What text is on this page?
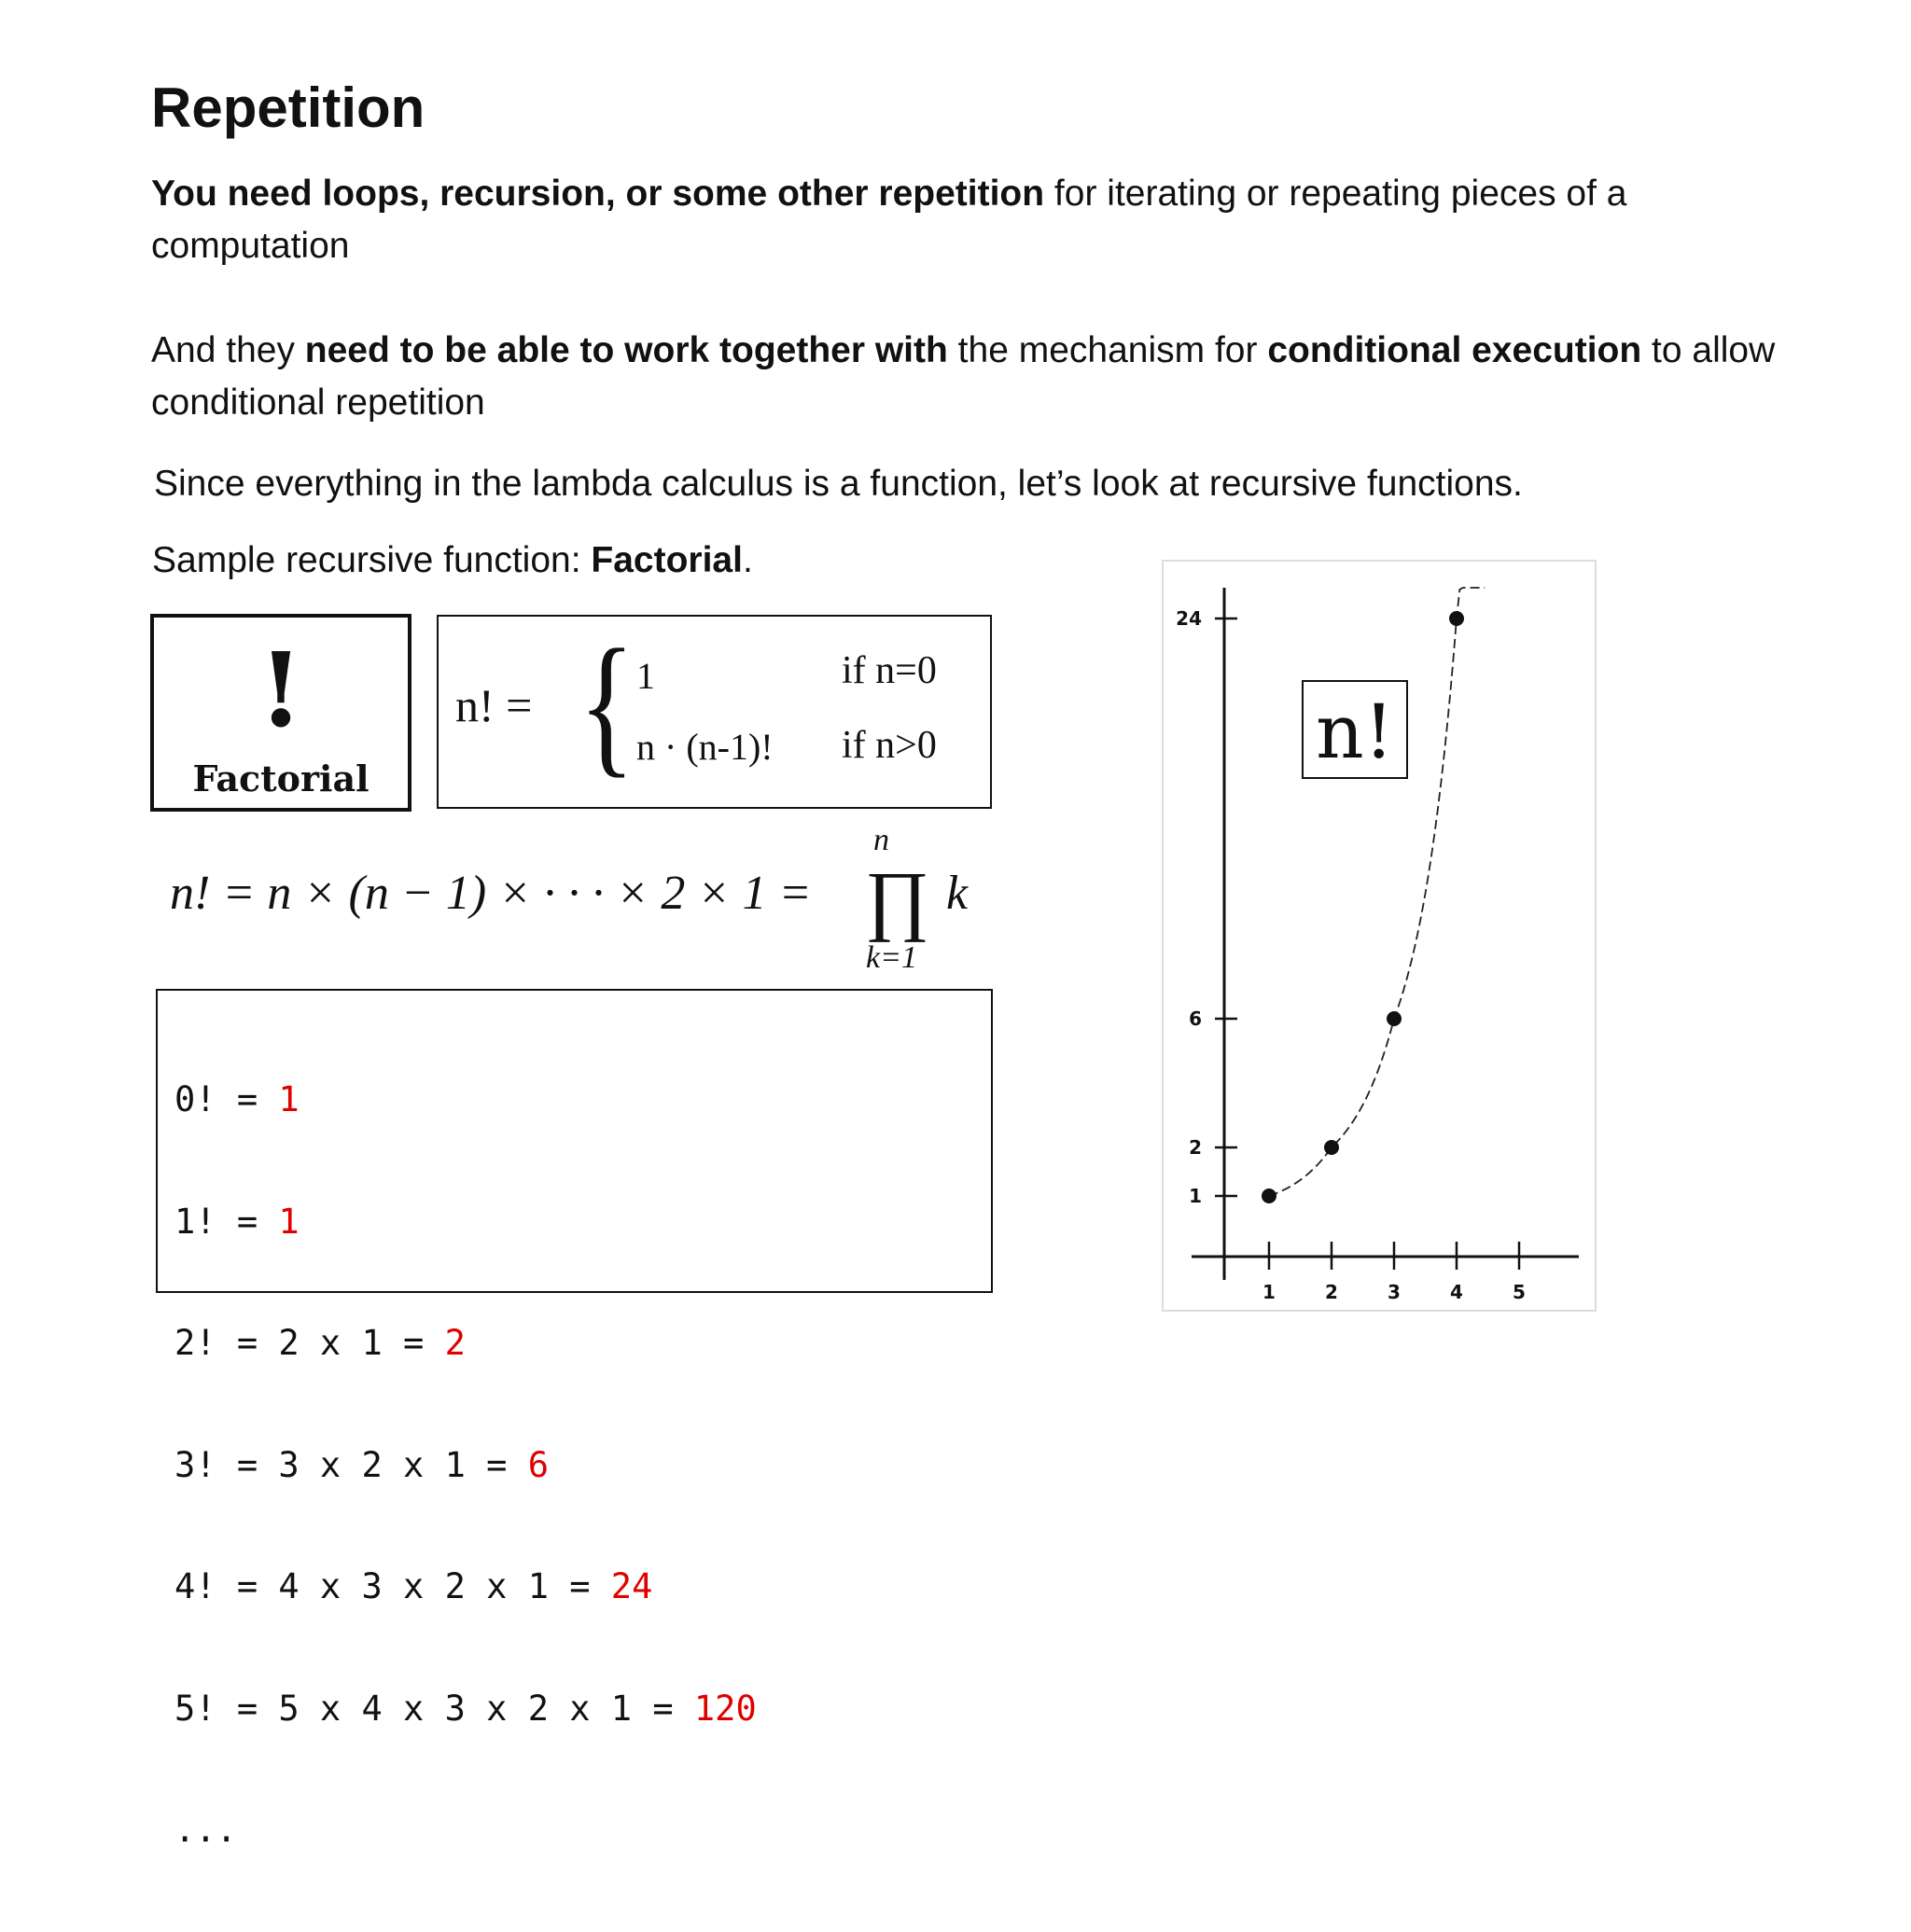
Repetition
You need loops, recursion, or some other repetition for iterating or repeating pieces of a computation
And they need to be able to work together with the mechanism for conditional execution to allow conditional repetition
Since everything in the lambda calculus is a function, let’s look at recursive functions.
Sample recursive function: Factorial.
!
Factorial
n! = { 1	if n=0
n · (n-1)! if n>0
n! = n × (n − 1) × · · · × 2 × 1 =
n
∏
k=1
k

0! = 1

1! = 1

2! = 2 x 1 = 2

3! = 3 x 2 x 1 = 6

4! = 4 x 3 x 2 x 1 = 24

5! = 5 x 4 x 3 x 2 x 1 = 120

...

1	2	3	4	5
1
2
6
24
n!
